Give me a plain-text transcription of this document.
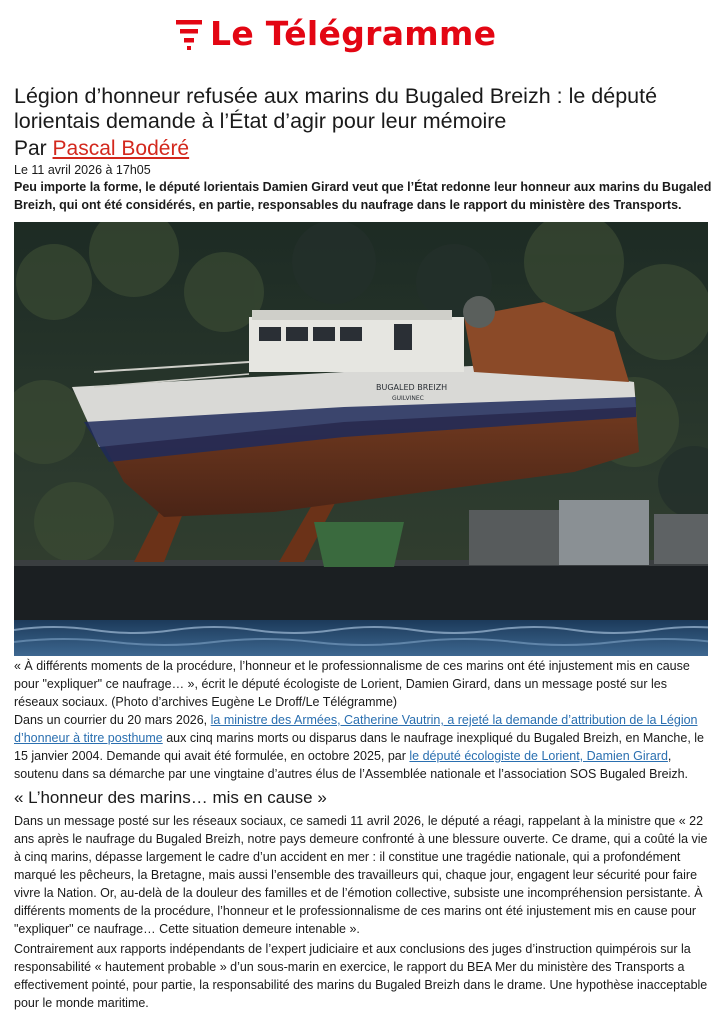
Le Télégramme
Légion d’honneur refusée aux marins du Bugaled Breizh : le député lorientais demande à l’État d’agir pour leur mémoire
Par Pascal Bodéré
Le 11 avril 2026 à 17h05

Peu importe la forme, le député lorientais Damien Girard veut que l’État redonne leur honneur aux marins du Bugaled Breizh, qui ont été considérés, en partie, responsables du naufrage dans le rapport du ministère des Transports.

BUGALED BREIZH
GUILVINEC

« À différents moments de la procédure, l’honneur et le professionnalisme de ces marins ont été injustement mis en cause pour "expliquer" ce naufrage… », écrit le député écologiste de Lorient, Damien Girard, dans un message posté sur les réseaux sociaux. (Photo d’archives Eugène Le Droff/Le Télégramme)

Dans un courrier du 20 mars 2026, la ministre des Armées, Catherine Vautrin, a rejeté la demande d’attribution de la Légion d’honneur à titre posthume aux cinq marins morts ou disparus dans le naufrage inexpliqué du Bugaled Breizh, en Manche, le 15 janvier 2004. Demande qui avait été formulée, en octobre 2025, par le député écologiste de Lorient, Damien Girard, soutenu dans sa démarche par une vingtaine d’autres élus de l’Assemblée nationale et l’association SOS Bugaled Breizh.

« L’honneur des marins… mis en cause »

Dans un message posté sur les réseaux sociaux, ce samedi 11 avril 2026, le député a réagi, rappelant à la ministre que « 22 ans après le naufrage du Bugaled Breizh, notre pays demeure confronté à une blessure ouverte. Ce drame, qui a coûté la vie à cinq marins, dépasse largement le cadre d’un accident en mer : il constitue une tragédie nationale, qui a profondément marqué les pêcheurs, la Bretagne, mais aussi l’ensemble des travailleurs qui, chaque jour, engagent leur sécurité pour faire vivre la Nation. Or, au-delà de la douleur des familles et de l’émotion collective, subsiste une incompréhension persistante. À différents moments de la procédure, l’honneur et le professionnalisme de ces marins ont été injustement mis en cause pour "expliquer" ce naufrage… Cette situation demeure intenable ».

Contrairement aux rapports indépendants de l’expert judiciaire et aux conclusions des juges d’instruction quimpérois sur la responsabilité « hautement probable » d’un sous-marin en exercice, le rapport du BEA Mer du ministère des Transports a effectivement pointé, pour partie, la responsabilité des marins du Bugaled Breizh dans le drame. Une hypothèse inacceptable pour le monde maritime.
